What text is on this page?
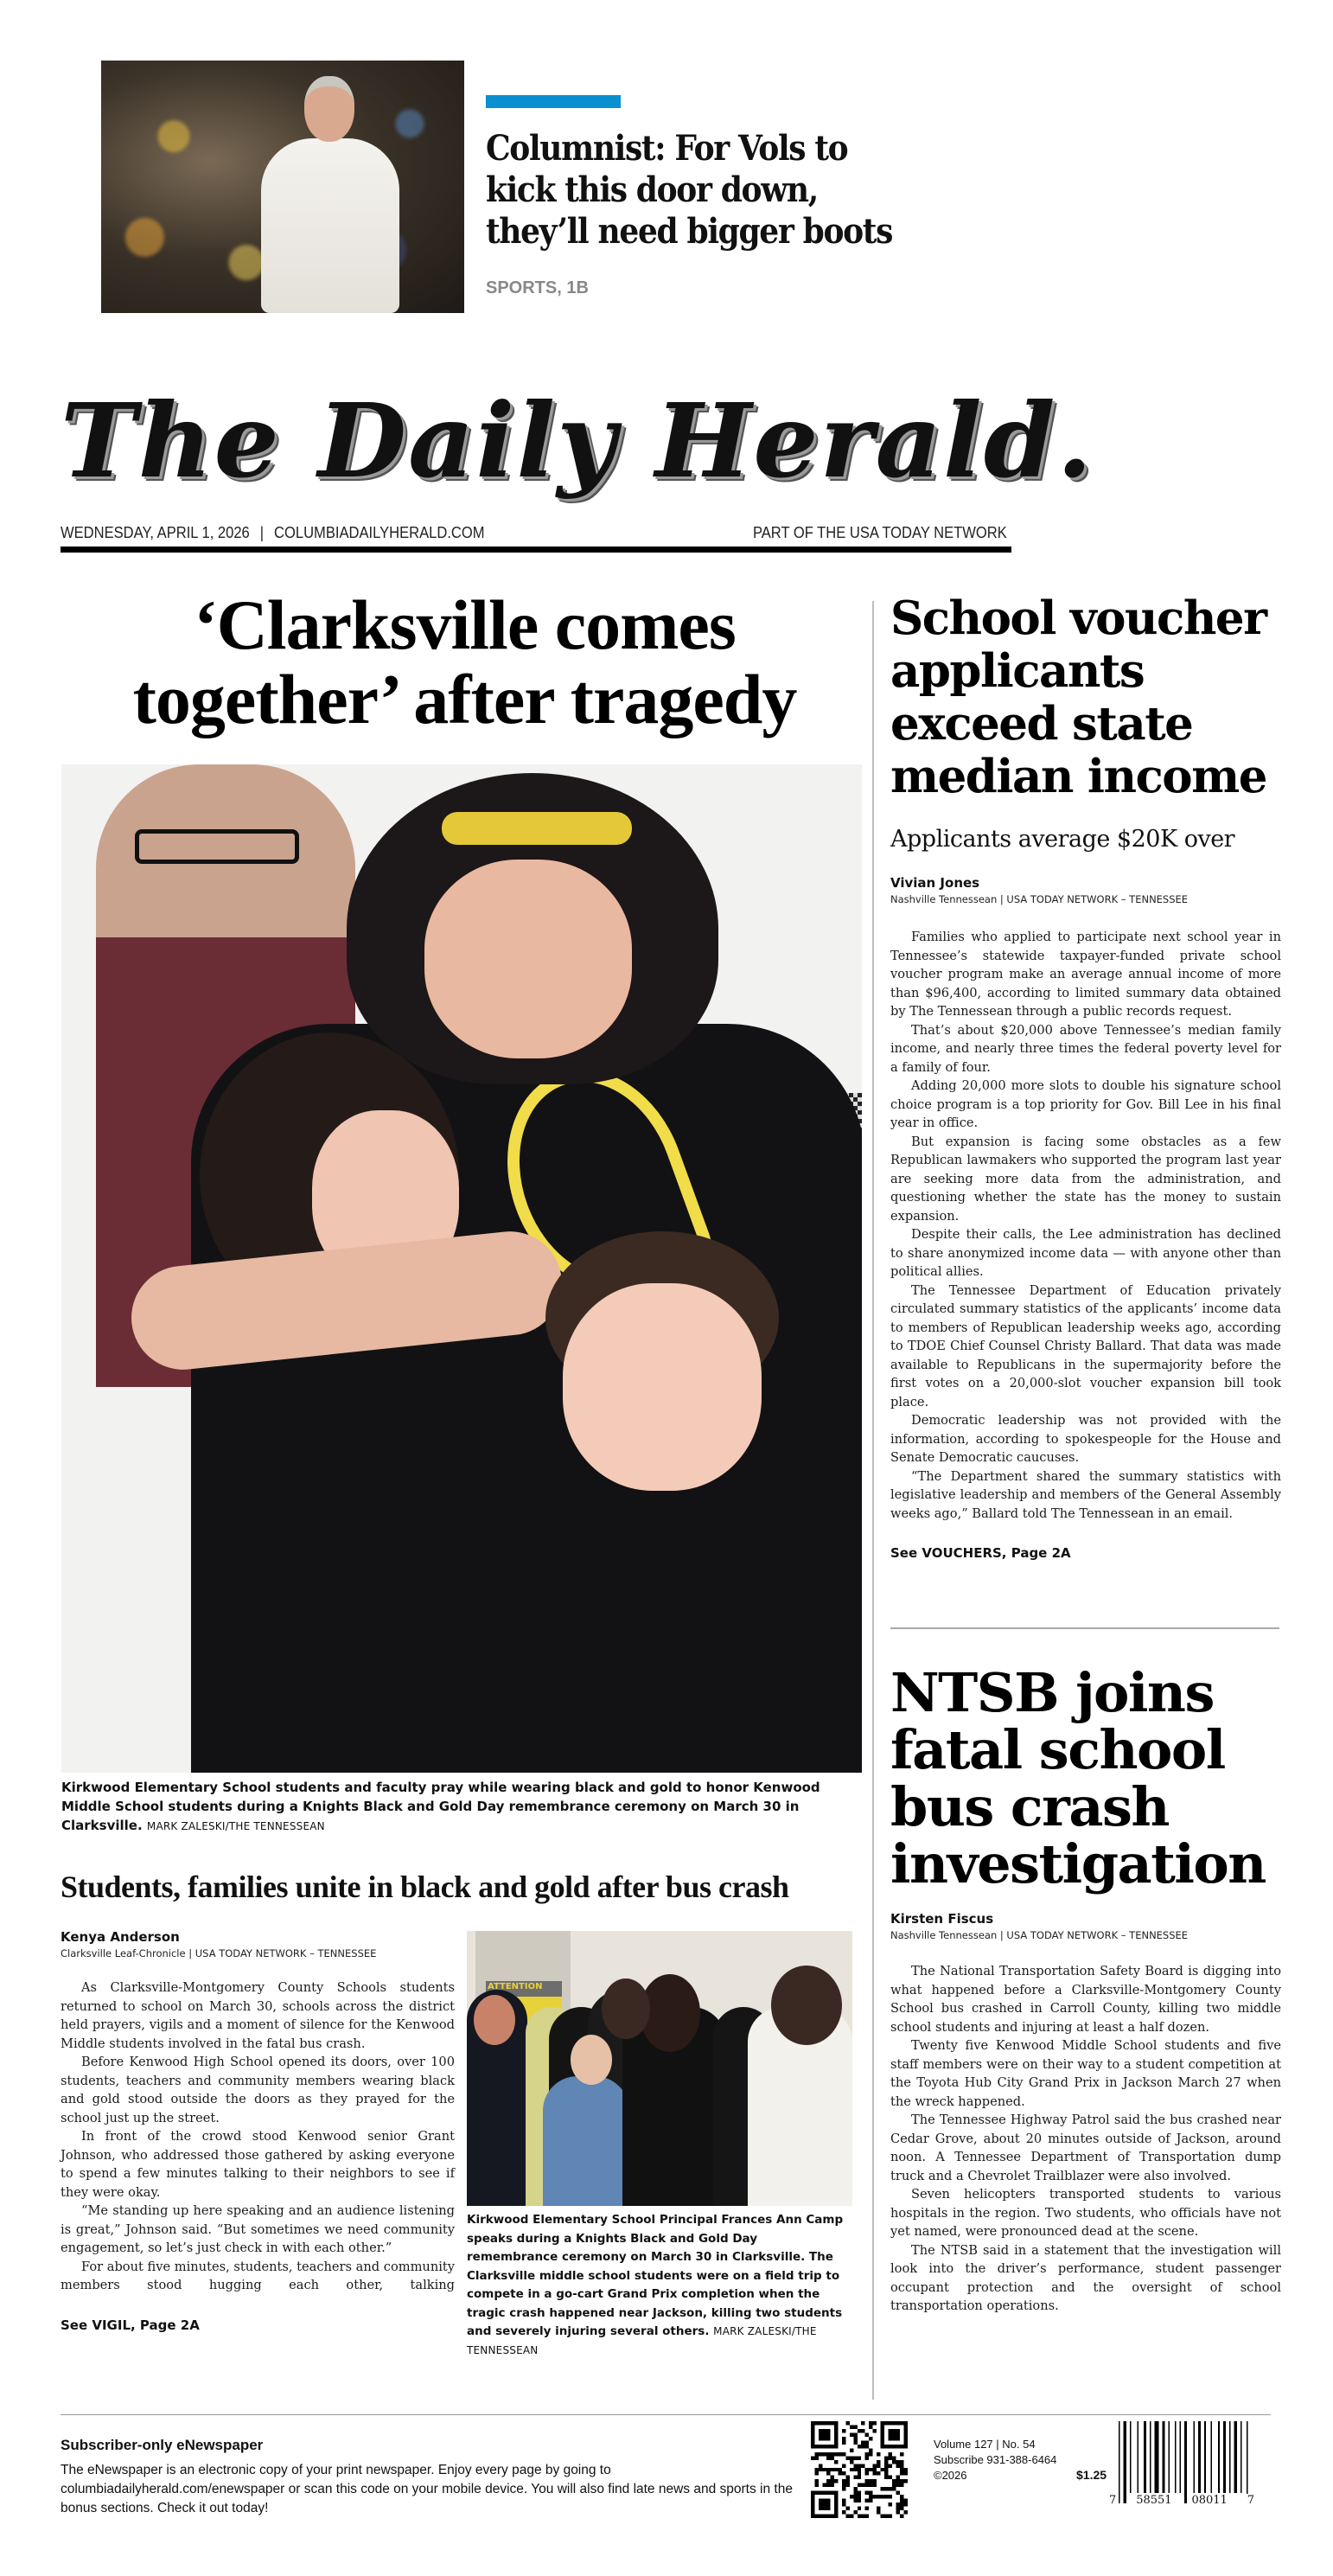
Columnist: For Vols to kick this door down, they’ll need bigger boots
SPORTS, 1B
The Daily Herald.
WEDNESDAY, APRIL 1, 2026 | COLUMBIADAILYHERALD.COM	PART OF THE USA TODAY NETWORK
‘Clarksville comes together’ after tragedy
Kirkwood Elementary School students and faculty pray while wearing black and gold to honor Kenwood Middle School students during a Knights Black and Gold Day remembrance ceremony on March 30 in Clarksville. MARK ZALESKI/THE TENNESSEAN
Students, families unite in black and gold after bus crash
Kenya Anderson
Clarksville Leaf-Chronicle | USA TODAY NETWORK – TENNESSEE

As Clarksville-Montgomery County Schools students returned to school on March 30, schools across the district held prayers, vigils and a moment of silence for the Kenwood Middle students involved in the fatal bus crash.

Before Kenwood High School opened its doors, over 100 students, teachers and community members wearing black and gold stood outside the doors as they prayed for the school just up the street.

In front of the crowd stood Kenwood senior Grant Johnson, who addressed those gathered by asking everyone to spend a few minutes talking to their neighbors to see if they were okay.

“Me standing up here speaking and an audience listening is great,” Johnson said. “But sometimes we need community engagement, so let’s just check in with each other.”

For about five minutes, students, teachers and community members stood hugging each other, talking

See VIGIL, Page 2A
ATTENTION
Kirkwood Elementary School Principal Frances Ann Camp speaks during a Knights Black and Gold Day remembrance ceremony on March 30 in Clarksville. The Clarksville middle school students were on a field trip to compete in a go-cart Grand Prix completion when the tragic crash happened near Jackson, killing two students and severely injuring several others. MARK ZALESKI/THE TENNESSEAN
School voucher applicants exceed state median income
Applicants average $20K over
Vivian Jones
Nashville Tennessean | USA TODAY NETWORK – TENNESSEE

Families who applied to participate next school year in Tennessee’s statewide taxpayer-funded private school voucher program make an average annual income of more than $96,400, according to limited summary data obtained by The Tennessean through a public records request.

That’s about $20,000 above Tennessee’s median family income, and nearly three times the federal poverty level for a family of four.

Adding 20,000 more slots to double his signature school choice program is a top priority for Gov. Bill Lee in his final year in office.

But expansion is facing some obstacles as a few Republican lawmakers who supported the program last year are seeking more data from the administration, and questioning whether the state has the money to sustain expansion.

Despite their calls, the Lee administration has declined to share anonymized income data — with anyone other than political allies.

The Tennessee Department of Education privately circulated summary statistics of the applicants’ income data to members of Republican leadership weeks ago, according to TDOE Chief Counsel Christy Ballard. That data was made available to Republicans in the supermajority before the first votes on a 20,000-slot voucher expansion bill took place.

Democratic leadership was not provided with the information, according to spokespeople for the House and Senate Democratic caucuses.

“The Department shared the summary statistics with legislative leadership and members of the General Assembly weeks ago,” Ballard told The Tennessean in an email.

See VOUCHERS, Page 2A
NTSB joins fatal school bus crash investigation
Kirsten Fiscus
Nashville Tennessean | USA TODAY NETWORK – TENNESSEE

The National Transportation Safety Board is digging into what happened before a Clarksville-Montgomery County School bus crashed in Carroll County, killing two middle school students and injuring at least a half dozen.

Twenty five Kenwood Middle School students and five staff members were on their way to a student competition at the Toyota Hub City Grand Prix in Jackson March 27 when the wreck happened.

The Tennessee Highway Patrol said the bus crashed near Cedar Grove, about 20 minutes outside of Jackson, around noon. A Tennessee Department of Transportation dump truck and a Chevrolet Trailblazer were also involved.

Seven helicopters transported students to various hospitals in the region. Two students, who officials have not yet named, were pronounced dead at the scene.

The NTSB said in a statement that the investigation will look into the driver’s performance, student passenger occupant protection and the oversight of school transportation operations.

Subscriber-only eNewspaper
The eNewspaper is an electronic copy of your print newspaper. Enjoy every page by going to columbiadailyherald.com/enewspaper or scan this code on your mobile device. You will also find late news and sports in the bonus sections. Check it out today!
Volume 127 | No. 54
Subscribe 931-388-6464
©2026	$1.25
7 58551 08011 7
